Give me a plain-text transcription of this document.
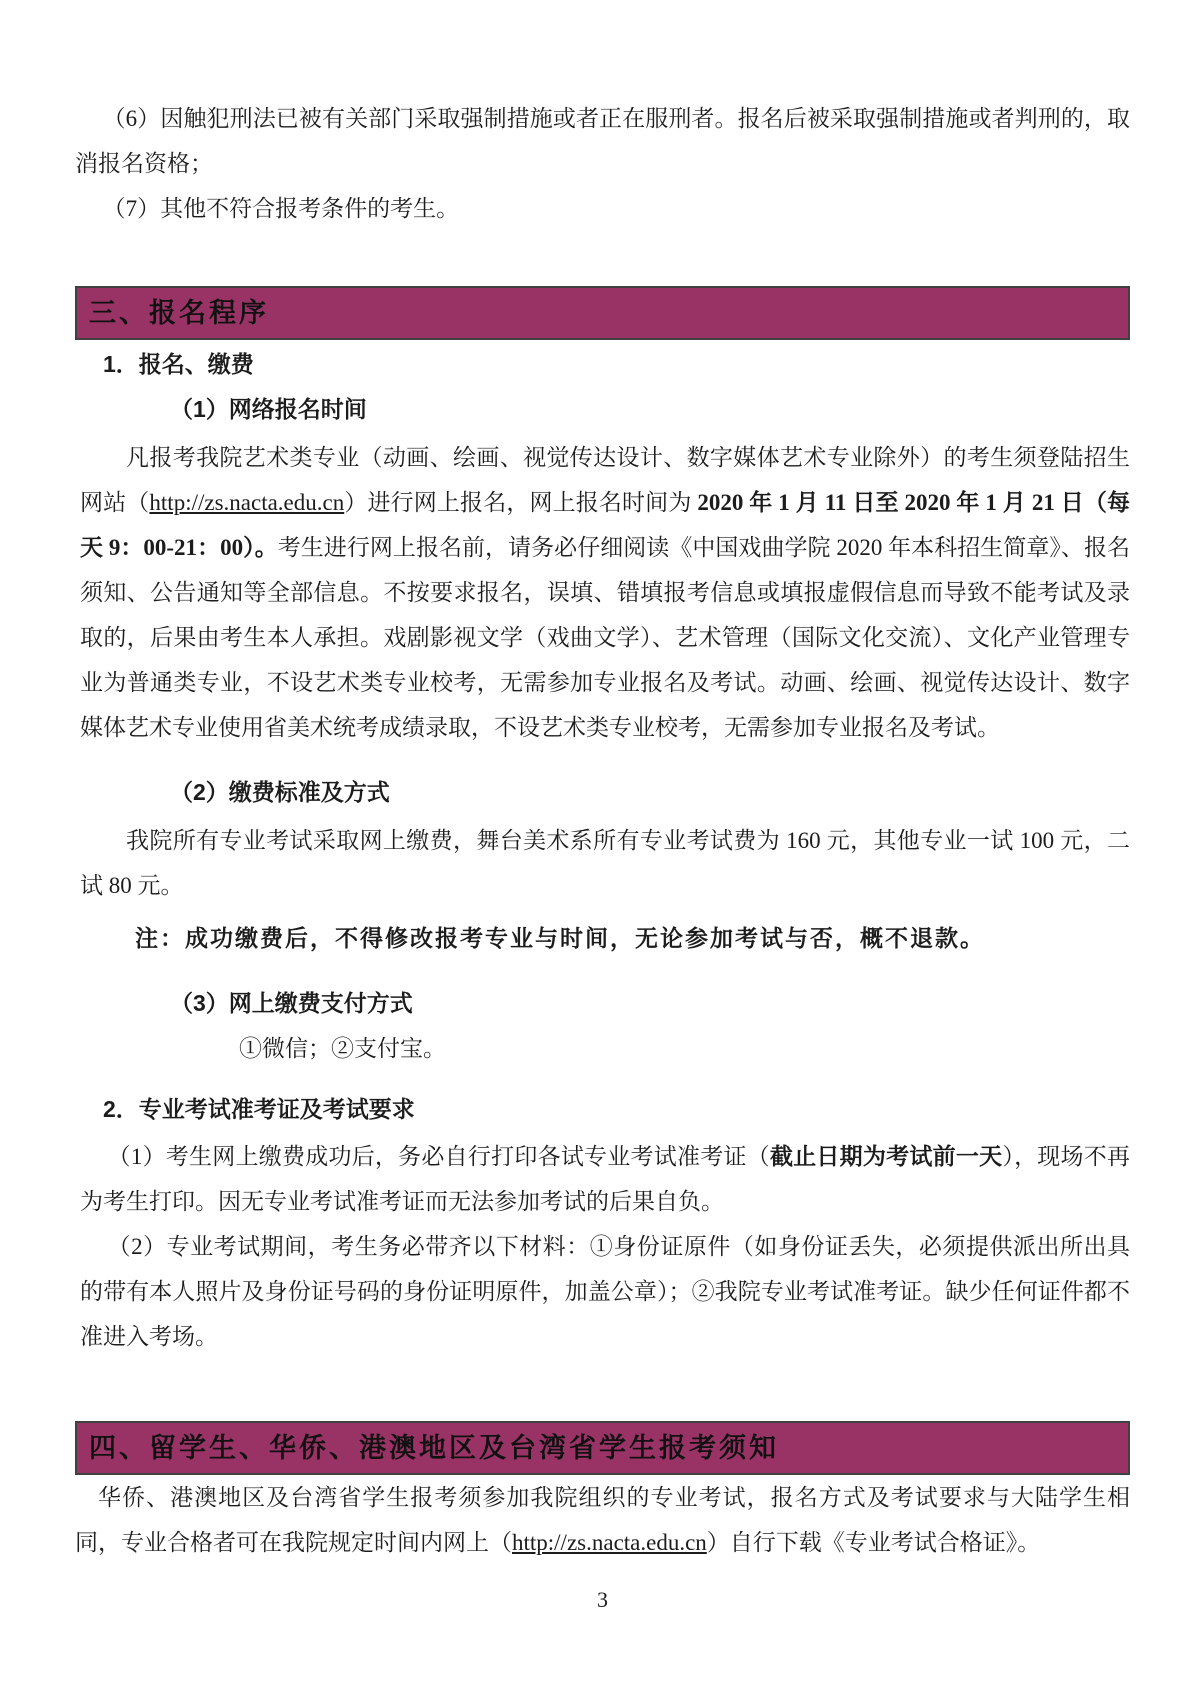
（6）因触犯刑法已被有关部门采取强制措施或者正在服刑者。报名后被采取强制措施或者判刑的，取消报名资格；

（7）其他不符合报考条件的考生。

三、报名程序

1．报名、缴费

（1）网络报名时间

凡报考我院艺术类专业（动画、绘画、视觉传达设计、数字媒体艺术专业除外）的考生须登陆招生网站（http://zs.nacta.edu.cn）进行网上报名，网上报名时间为 2020 年 1 月 11 日至 2020 年 1 月 21 日（每天 9：00-21：00）。考生进行网上报名前，请务必仔细阅读《中国戏曲学院 2020 年本科招生简章》、报名须知、公告通知等全部信息。不按要求报名，误填、错填报考信息或填报虚假信息而导致不能考试及录取的，后果由考生本人承担。戏剧影视文学（戏曲文学）、艺术管理（国际文化交流）、文化产业管理专业为普通类专业，不设艺术类专业校考，无需参加专业报名及考试。动画、绘画、视觉传达设计、数字媒体艺术专业使用省美术统考成绩录取，不设艺术类专业校考，无需参加专业报名及考试。

（2）缴费标准及方式

我院所有专业考试采取网上缴费，舞台美术系所有专业考试费为 160 元，其他专业一试 100 元，二试 80 元。

注：成功缴费后，不得修改报考专业与时间，无论参加考试与否，概不退款。

（3）网上缴费支付方式

①微信；②支付宝。

2．专业考试准考证及考试要求

（1）考生网上缴费成功后，务必自行打印各试专业考试准考证（截止日期为考试前一天），现场不再为考生打印。因无专业考试准考证而无法参加考试的后果自负。

（2）专业考试期间，考生务必带齐以下材料：①身份证原件（如身份证丢失，必须提供派出所出具的带有本人照片及身份证号码的身份证明原件，加盖公章）；②我院专业考试准考证。缺少任何证件都不准进入考场。

四、留学生、华侨、港澳地区及台湾省学生报考须知

华侨、港澳地区及台湾省学生报考须参加我院组织的专业考试，报名方式及考试要求与大陆学生相同，专业合格者可在我院规定时间内网上（http://zs.nacta.edu.cn）自行下载《专业考试合格证》。

3
